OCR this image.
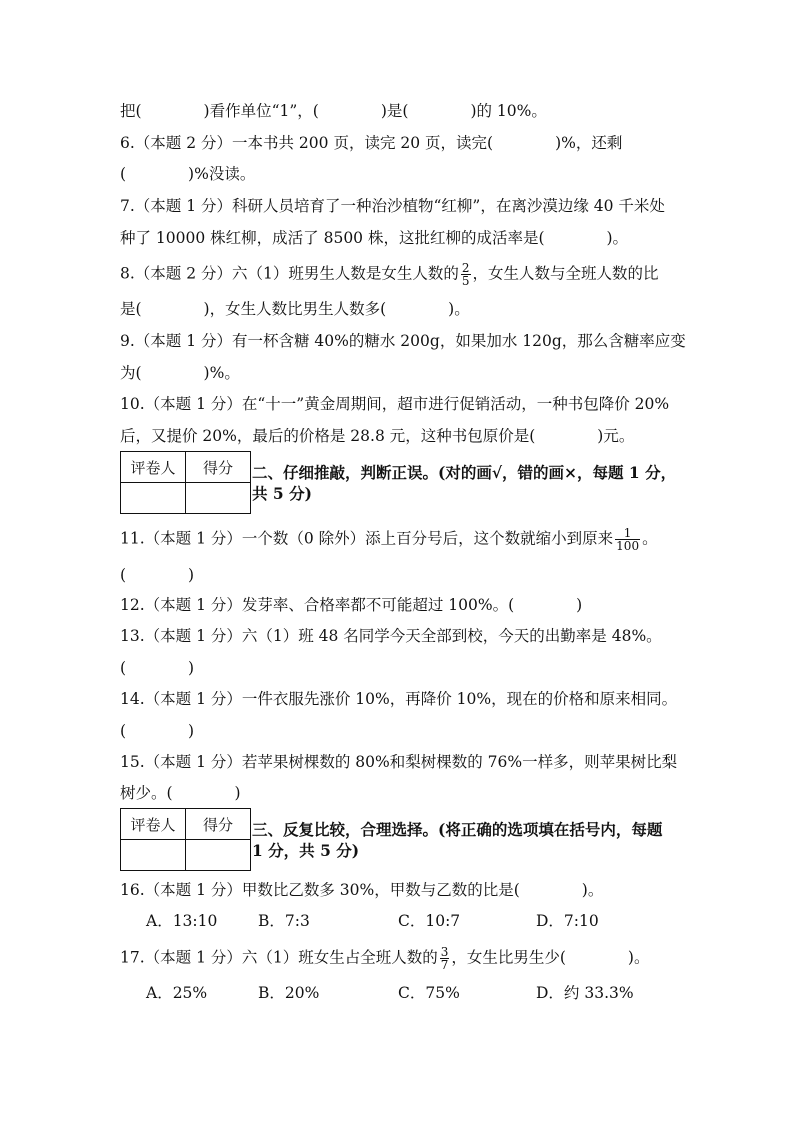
把(　　　　)看作单位“1”，(　　　　)是(　　　　)的 10%。
6.（本题 2 分）一本书共 200 页，读完 20 页，读完(　　　　)%，还剩
(　　　　)%没读。
7.（本题 1 分）科研人员培育了一种治沙植物“红柳”，在离沙漠边缘 40 千米处
种了 10000 株红柳，成活了 8500 株，这批红柳的成活率是(　　　　)。
8.（本题 2 分）六（1）班男生人数是女生人数的 $\frac{2}{5}$ ，女生人数与全班人数的比
是(　　　　)，女生人数比男生人数多(　　　　)。
9.（本题 1 分）有一杯含糖 40%的糖水 200g，如果加水 120g，那么含糖率应变
为(　　　　)%。
10.（本题 1 分）在“十一”黄金周期间，超市进行促销活动，一种书包降价 20%
后，又提价 20%，最后的价格是 28.8 元，这种书包原价是(　　　　)元。
评卷人	得分
	二、仔细推敲，判断正误。(对的画√，错的画×，每题 1 分，
共 5 分)
11.（本题 1 分）一个数（0 除外）添上百分号后，这个数就缩小到原来 $\frac{1}{100}$ 。
(　　　　)
12.（本题 1 分）发芽率、合格率都不可能超过 100%。(　　　　)
13.（本题 1 分）六（1）班 48 名同学今天全部到校，今天的出勤率是 48%。
(　　　　)
14.（本题 1 分）一件衣服先涨价 10%，再降价 10%，现在的价格和原来相同。
(　　　　)
15.（本题 1 分）若苹果树棵数的 80%和梨树棵数的 76%一样多，则苹果树比梨
树少。(　　　　)
评卷人	得分
	三、反复比较，合理选择。(将正确的选项填在括号内，每题
1 分，共 5 分)
16.（本题 1 分）甲数比乙数多 30%，甲数与乙数的比是(　　　　)。
A．13:10	B．7:3	C．10:7	D．7:10
17.（本题 1 分）六（1）班女生占全班人数的 $\frac{3}{7}$ ，女生比男生少(　　　　)。
A．25%	B．20%	C．75%	D．约 33.3%
